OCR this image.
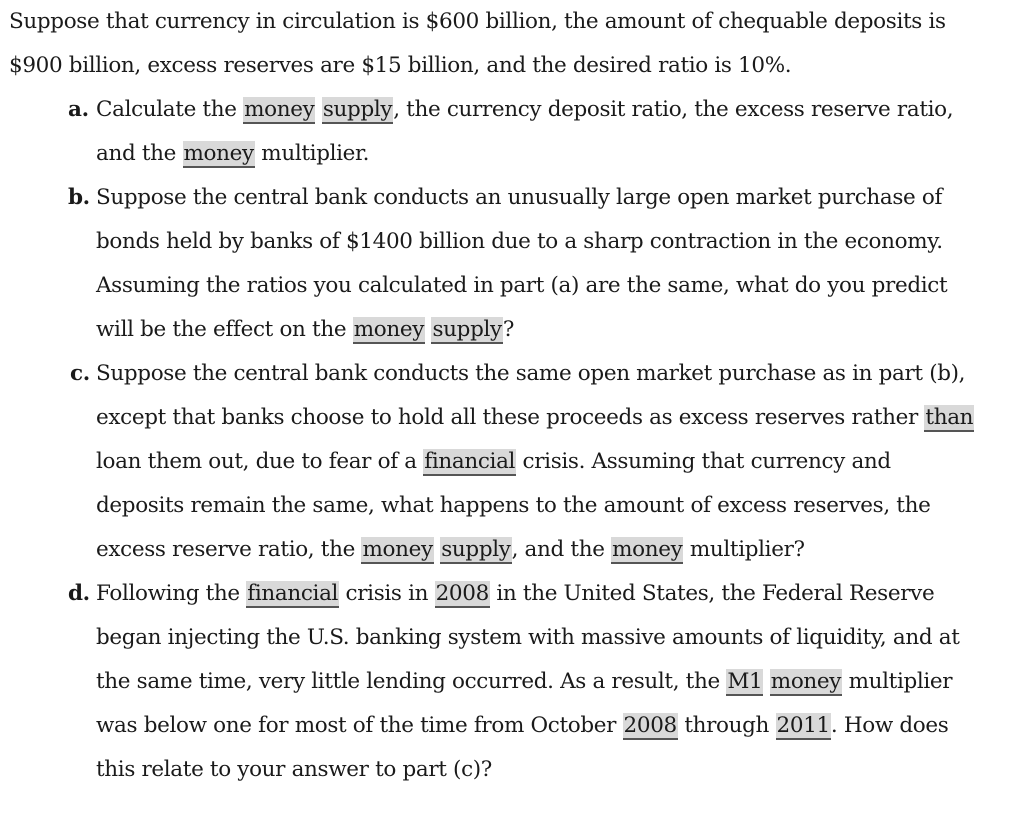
Suppose that currency in circulation is $600 billion, the amount of chequable deposits is
$900 billion, excess reserves are $15 billion, and the desired ratio is 10%.
a. Calculate the money supply, the currency deposit ratio, the excess reserve ratio,
and the money multiplier.
b. Suppose the central bank conducts an unusually large open market purchase of
bonds held by banks of $1400 billion due to a sharp contraction in the economy.
Assuming the ratios you calculated in part (a) are the same, what do you predict
will be the effect on the money supply?
c. Suppose the central bank conducts the same open market purchase as in part (b),
except that banks choose to hold all these proceeds as excess reserves rather than
loan them out, due to fear of a financial crisis. Assuming that currency and
deposits remain the same, what happens to the amount of excess reserves, the
excess reserve ratio, the money supply, and the money multiplier?
d. Following the financial crisis in 2008 in the United States, the Federal Reserve
began injecting the U.S. banking system with massive amounts of liquidity, and at
the same time, very little lending occurred. As a result, the M1 money multiplier
was below one for most of the time from October 2008 through 2011. How does
this relate to your answer to part (c)?
